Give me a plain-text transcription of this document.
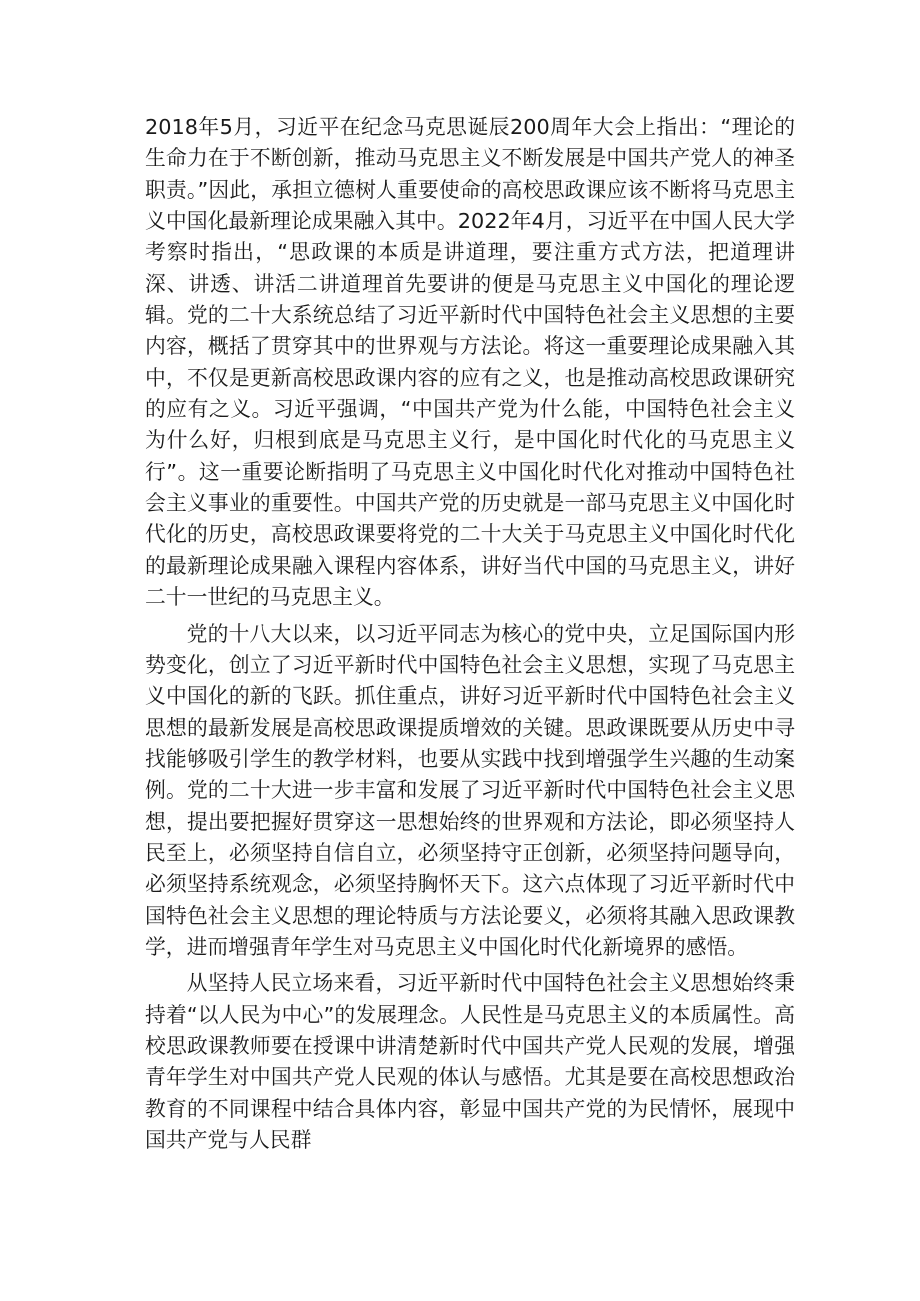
2018年5月，习近平在纪念马克思诞辰200周年大会上指出：“理论的生命力在于不断创新，推动马克思主义不断发展是中国共产党人的神圣职责。”因此，承担立德树人重要使命的高校思政课应该不断将马克思主义中国化最新理论成果融入其中。2022年4月，习近平在中国人民大学考察时指出，“思政课的本质是讲道理，要注重方式方法，把道理讲深、讲透、讲活二讲道理首先要讲的便是马克思主义中国化的理论逻辑。党的二十大系统总结了习近平新时代中国特色社会主义思想的主要内容，概括了贯穿其中的世界观与方法论。将这一重要理论成果融入其中，不仅是更新高校思政课内容的应有之义，也是推动高校思政课研究的应有之义。习近平强调，“中国共产党为什么能，中国特色社会主义为什么好，归根到底是马克思主义行，是中国化时代化的马克思主义行”。这一重要论断指明了马克思主义中国化时代化对推动中国特色社会主义事业的重要性。中国共产党的历史就是一部马克思主义中国化时代化的历史，高校思政课要将党的二十大关于马克思主义中国化时代化的最新理论成果融入课程内容体系，讲好当代中国的马克思主义，讲好二十一世纪的马克思主义。

党的十八大以来，以习近平同志为核心的党中央，立足国际国内形势变化，创立了习近平新时代中国特色社会主义思想，实现了马克思主义中国化的新的飞跃。抓住重点，讲好习近平新时代中国特色社会主义思想的最新发展是高校思政课提质增效的关键。思政课既要从历史中寻找能够吸引学生的教学材料，也要从实践中找到增强学生兴趣的生动案例。党的二十大进一步丰富和发展了习近平新时代中国特色社会主义思想，提出要把握好贯穿这一思想始终的世界观和方法论，即必须坚持人民至上，必须坚持自信自立，必须坚持守正创新，必须坚持问题导向，必须坚持系统观念，必须坚持胸怀天下。这六点体现了习近平新时代中国特色社会主义思想的理论特质与方法论要义，必须将其融入思政课教学，进而增强青年学生对马克思主义中国化时代化新境界的感悟。

从坚持人民立场来看，习近平新时代中国特色社会主义思想始终秉持着“以人民为中心”的发展理念。人民性是马克思主义的本质属性。高校思政课教师要在授课中讲清楚新时代中国共产党人民观的发展，增强青年学生对中国共产党人民观的体认与感悟。尤其是要在高校思想政治教育的不同课程中结合具体内容，彰显中国共产党的为民情怀，展现中国共产党与人民群
